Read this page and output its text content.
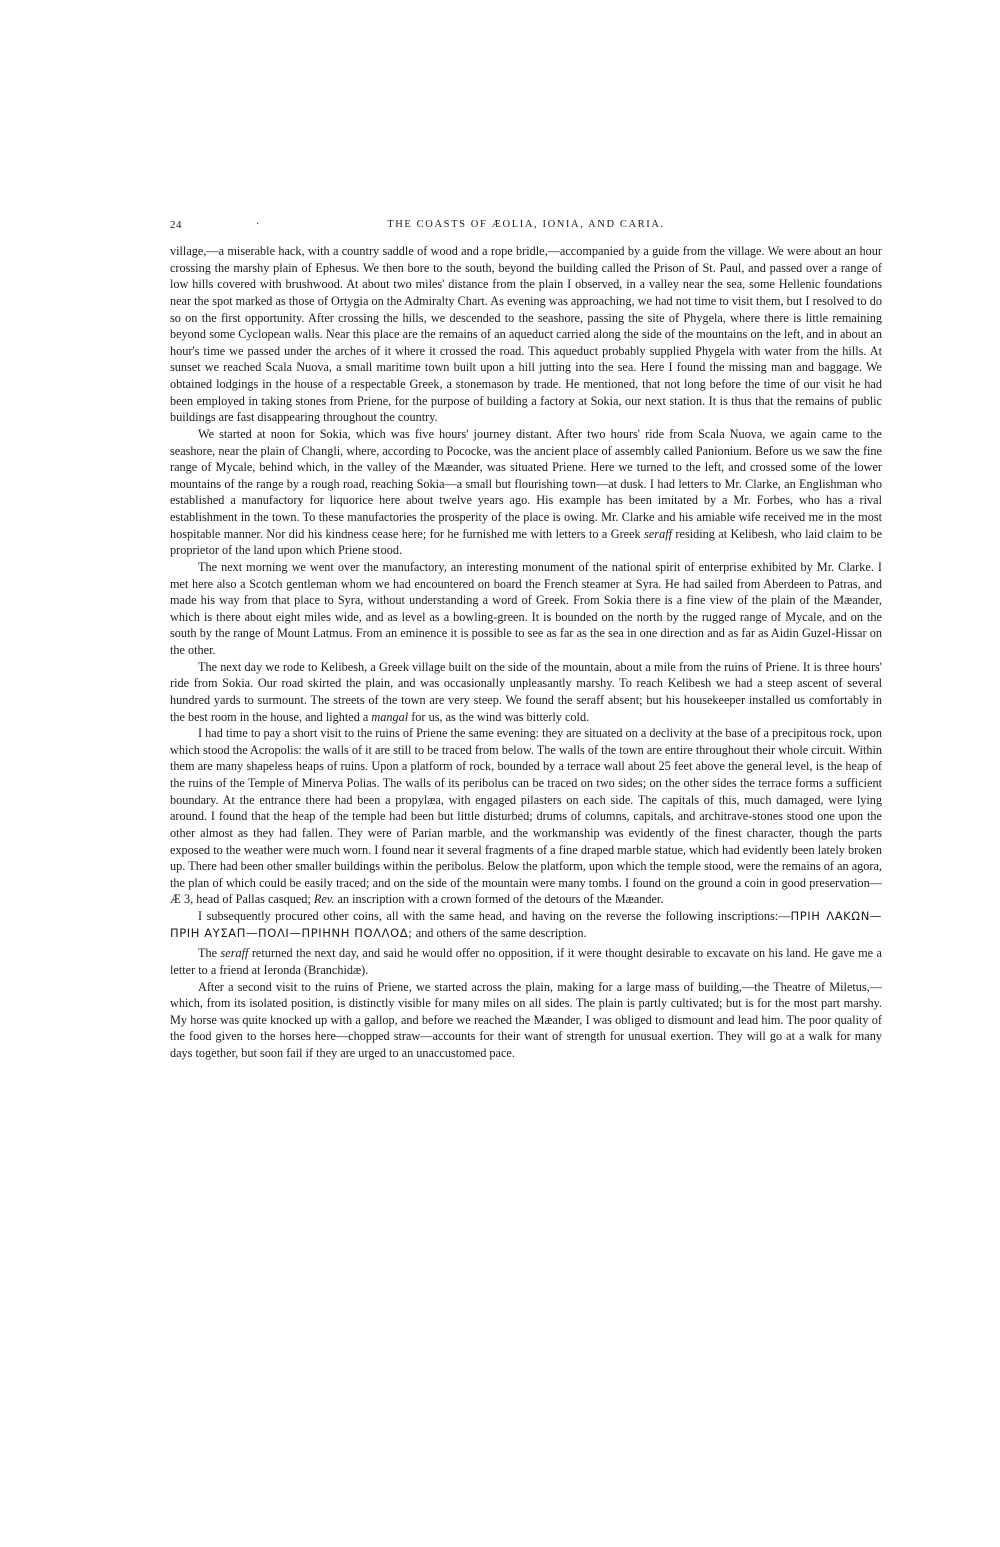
24	·	THE COASTS OF ÆOLIA, IONIA, AND CARIA.

village,—a miserable hack, with a country saddle of wood and a rope bridle,—accompanied by a guide from the village. We were about an hour crossing the marshy plain of Ephesus. We then bore to the south, beyond the building called the Prison of St. Paul, and passed over a range of low hills covered with brushwood. At about two miles' distance from the plain I observed, in a valley near the sea, some Hellenic foundations near the spot marked as those of Ortygia on the Admiralty Chart. As evening was approaching, we had not time to visit them, but I resolved to do so on the first opportunity. After crossing the hills, we descended to the seashore, passing the site of Phygela, where there is little remaining beyond some Cyclopean walls. Near this place are the remains of an aqueduct carried along the side of the mountains on the left, and in about an hour's time we passed under the arches of it where it crossed the road. This aqueduct probably supplied Phygela with water from the hills. At sunset we reached Scala Nuova, a small maritime town built upon a hill jutting into the sea. Here I found the missing man and baggage. We obtained lodgings in the house of a respectable Greek, a stonemason by trade. He mentioned, that not long before the time of our visit he had been employed in taking stones from Priene, for the purpose of building a factory at Sokia, our next station. It is thus that the remains of public buildings are fast disappearing throughout the country.

We started at noon for Sokia, which was five hours' journey distant. After two hours' ride from Scala Nuova, we again came to the seashore, near the plain of Changli, where, according to Pococke, was the ancient place of assembly called Panionium. Before us we saw the fine range of Mycale, behind which, in the valley of the Mæander, was situated Priene. Here we turned to the left, and crossed some of the lower mountains of the range by a rough road, reaching Sokia—a small but flourishing town—at dusk. I had letters to Mr. Clarke, an Englishman who established a manufactory for liquorice here about twelve years ago. His example has been imitated by a Mr. Forbes, who has a rival establishment in the town. To these manufactories the prosperity of the place is owing. Mr. Clarke and his amiable wife received me in the most hospitable manner. Nor did his kindness cease here; for he furnished me with letters to a Greek seraff residing at Kelibesh, who laid claim to be proprietor of the land upon which Priene stood.

The next morning we went over the manufactory, an interesting monument of the national spirit of enterprise exhibited by Mr. Clarke. I met here also a Scotch gentleman whom we had encountered on board the French steamer at Syra. He had sailed from Aberdeen to Patras, and made his way from that place to Syra, without understanding a word of Greek. From Sokia there is a fine view of the plain of the Mæander, which is there about eight miles wide, and as level as a bowling-green. It is bounded on the north by the rugged range of Mycale, and on the south by the range of Mount Latmus. From an eminence it is possible to see as far as the sea in one direction and as far as Aidin Guzel-Hissar on the other.

The next day we rode to Kelibesh, a Greek village built on the side of the mountain, about a mile from the ruins of Priene. It is three hours' ride from Sokia. Our road skirted the plain, and was occasionally unpleasantly marshy. To reach Kelibesh we had a steep ascent of several hundred yards to surmount. The streets of the town are very steep. We found the seraff absent; but his housekeeper installed us comfortably in the best room in the house, and lighted a mangal for us, as the wind was bitterly cold.

I had time to pay a short visit to the ruins of Priene the same evening: they are situated on a declivity at the base of a precipitous rock, upon which stood the Acropolis: the walls of it are still to be traced from below. The walls of the town are entire throughout their whole circuit. Within them are many shapeless heaps of ruins. Upon a platform of rock, bounded by a terrace wall about 25 feet above the general level, is the heap of the ruins of the Temple of Minerva Polias. The walls of its peribolus can be traced on two sides; on the other sides the terrace forms a sufficient boundary. At the entrance there had been a propylæa, with engaged pilasters on each side. The capitals of this, much damaged, were lying around. I found that the heap of the temple had been but little disturbed; drums of columns, capitals, and architrave-stones stood one upon the other almost as they had fallen. They were of Parian marble, and the workmanship was evidently of the finest character, though the parts exposed to the weather were much worn. I found near it several fragments of a fine draped marble statue, which had evidently been lately broken up. There had been other smaller buildings within the peribolus. Below the platform, upon which the temple stood, were the remains of an agora, the plan of which could be easily traced; and on the side of the mountain were many tombs. I found on the ground a coin in good preservation—Æ 3, head of Pallas casqued; Rev. an inscription with a crown formed of the detours of the Mæander.

I subsequently procured other coins, all with the same head, and having on the reverse the following inscriptions:—ΠΡΙΗ ΛΑΚΩΝ—ΠΡΙΗ ΑΥΣΑΠ—ΠΟΛΙ—ΠΡΙΗΝΗ ΠΟΛΛΟΔ; and others of the same description.

The seraff returned the next day, and said he would offer no opposition, if it were thought desirable to excavate on his land. He gave me a letter to a friend at Ieronda (Branchidæ).

After a second visit to the ruins of Priene, we started across the plain, making for a large mass of building,—the Theatre of Miletus,—which, from its isolated position, is distinctly visible for many miles on all sides. The plain is partly cultivated; but is for the most part marshy. My horse was quite knocked up with a gallop, and before we reached the Mæander, I was obliged to dismount and lead him. The poor quality of the food given to the horses here—chopped straw—accounts for their want of strength for unusual exertion. They will go at a walk for many days together, but soon fail if they are urged to an unaccustomed pace.
